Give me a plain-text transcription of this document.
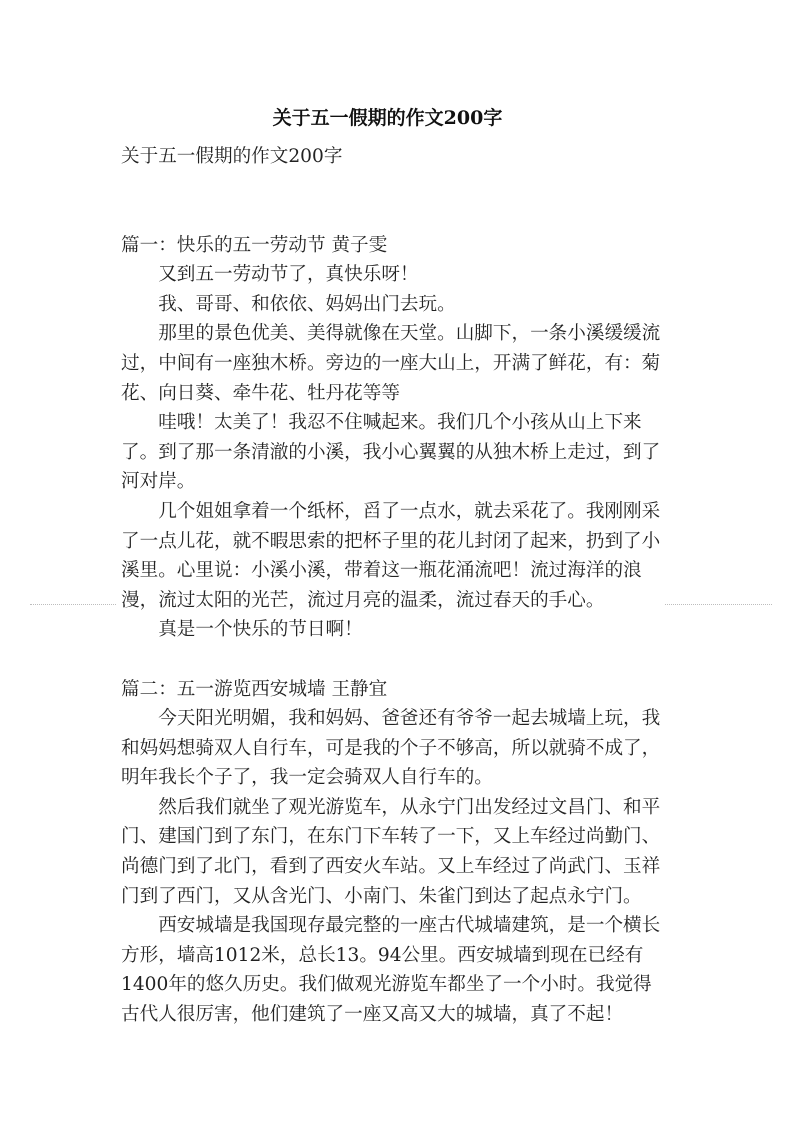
关于五一假期的作文200字

关于五一假期的作文200字

篇一：快乐的五一劳动节 黄子雯

又到五一劳动节了，真快乐呀！

我、哥哥、和依依、妈妈出门去玩。

那里的景色优美、美得就像在天堂。山脚下，一条小溪缓缓流过，中间有一座独木桥。旁边的一座大山上，开满了鲜花，有：菊花、向日葵、牵牛花、牡丹花等等

哇哦！太美了！我忍不住喊起来。我们几个小孩从山上下来了。到了那一条清澈的小溪，我小心翼翼的从独木桥上走过，到了河对岸。

几个姐姐拿着一个纸杯，舀了一点水，就去采花了。我刚刚采了一点儿花，就不暇思索的把杯子里的花儿封闭了起来，扔到了小溪里。心里说：小溪小溪，带着这一瓶花涌流吧！流过海洋的浪漫，流过太阳的光芒，流过月亮的温柔，流过春天的手心。

真是一个快乐的节日啊！

篇二：五一游览西安城墙 王静宜

今天阳光明媚，我和妈妈、爸爸还有爷爷一起去城墙上玩，我和妈妈想骑双人自行车，可是我的个子不够高，所以就骑不成了，明年我长个子了，我一定会骑双人自行车的。

然后我们就坐了观光游览车，从永宁门出发经过文昌门、和平门、建国门到了东门，在东门下车转了一下，又上车经过尚勤门、尚德门到了北门，看到了西安火车站。又上车经过了尚武门、玉祥门到了西门，又从含光门、小南门、朱雀门到达了起点永宁门。

西安城墙是我国现存最完整的一座古代城墙建筑，是一个横长方形，墙高1012米，总长13。94公里。西安城墙到现在已经有1400年的悠久历史。我们做观光游览车都坐了一个小时。我觉得古代人很厉害，他们建筑了一座又高又大的城墙，真了不起！
